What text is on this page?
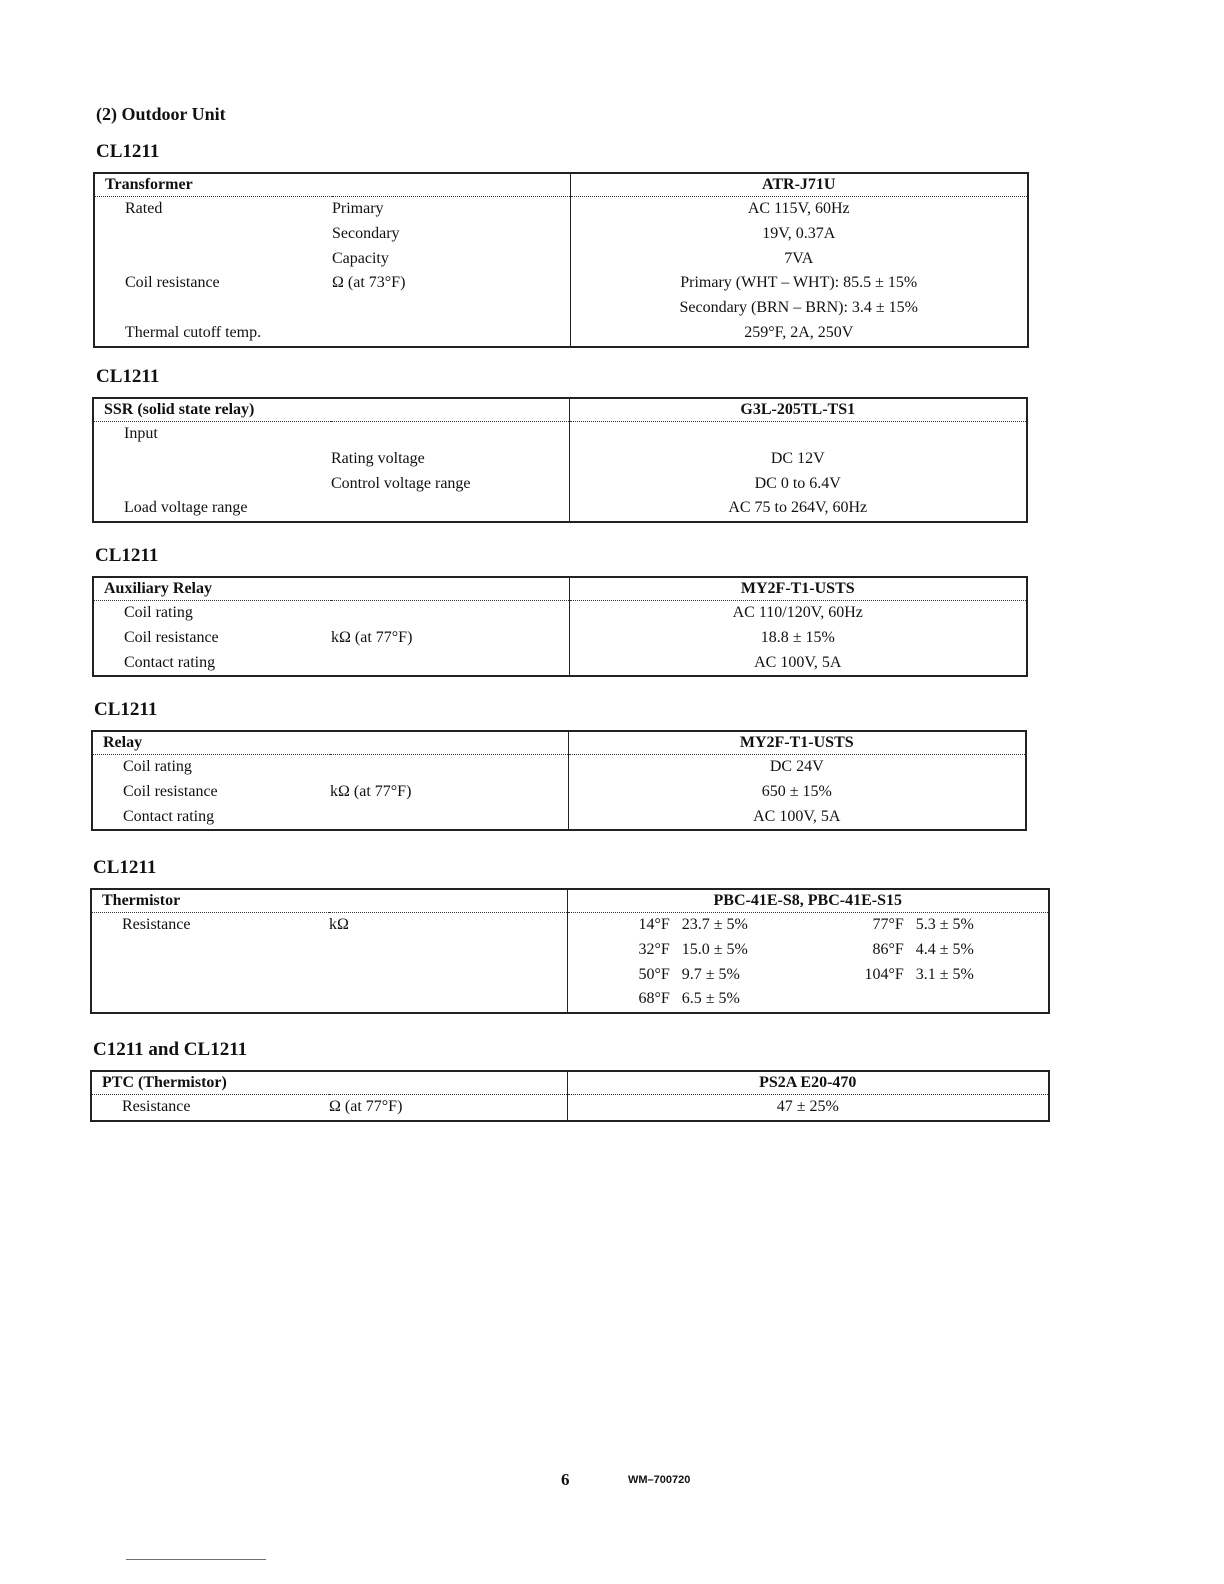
(2) Outdoor Unit
CL1211
Transformer		ATR-J71U
Rated	Primary	AC 115V, 60Hz
	Secondary	19V, 0.37A
	Capacity	7VA
Coil resistance	Ω (at 73°F)	Primary (WHT – WHT): 85.5 ± 15%
		Secondary (BRN – BRN): 3.4 ± 15%
Thermal cutoff temp.		259°F, 2A, 250V
CL1211
SSR (solid state relay)		G3L-205TL-TS1
Input		
	Rating voltage	DC 12V
	Control voltage range	DC 0 to 6.4V
Load voltage range		AC 75 to 264V, 60Hz
CL1211
Auxiliary Relay		MY2F-T1-USTS
Coil rating		AC 110/120V, 60Hz
Coil resistance	kΩ (at 77°F)	18.8 ± 15%
Contact rating		AC 100V, 5A
CL1211
Relay		MY2F-T1-USTS
Coil rating		DC 24V
Coil resistance	kΩ (at 77°F)	650 ± 15%
Contact rating		AC 100V, 5A
CL1211
Thermistor		PBC-41E-S8, PBC-41E-S15
Resistance	kΩ	14°F 23.7 ± 5% 77°F 5.3 ± 5%
		32°F 15.0 ± 5% 86°F 4.4 ± 5%
		50°F 9.7 ± 5% 104°F 3.1 ± 5%
		68°F 6.5 ± 5%
C1211 and CL1211
PTC (Thermistor)		PS2A E20-470
Resistance	Ω (at 77°F)	47 ± 25%
6	WM–700720
